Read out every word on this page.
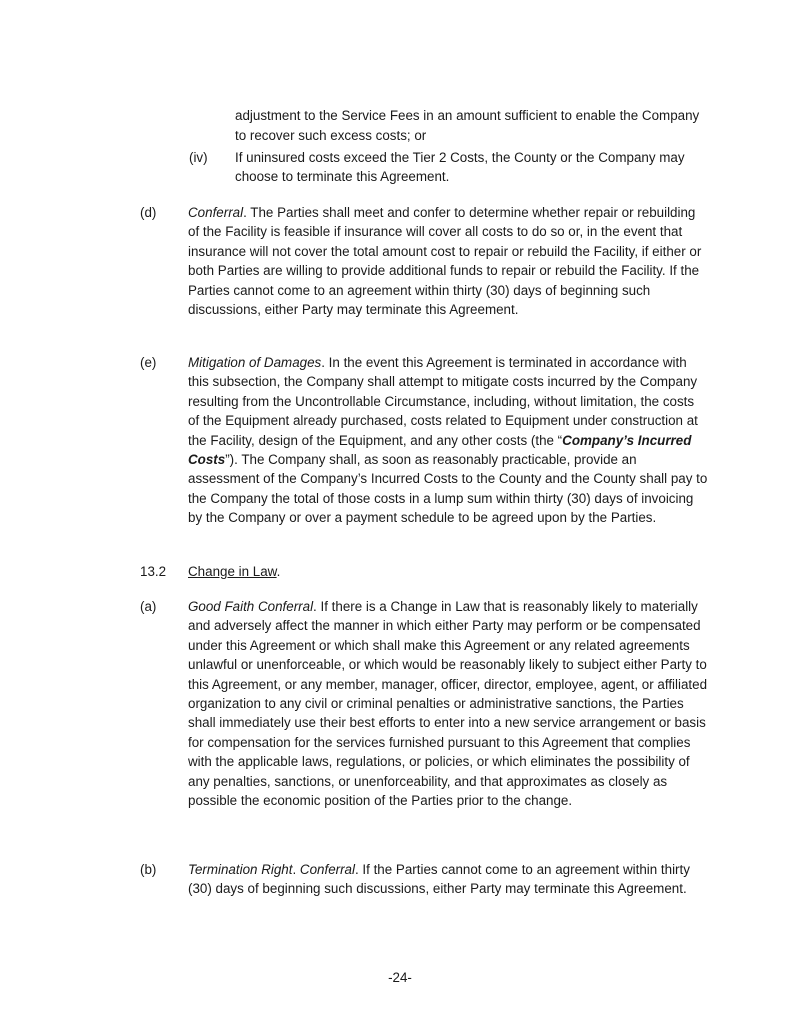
adjustment to the Service Fees in an amount sufficient to enable the Company to recover such excess costs; or

(iv) If uninsured costs exceed the Tier 2 Costs, the County or the Company may choose to terminate this Agreement.

(d) Conferral. The Parties shall meet and confer to determine whether repair or rebuilding of the Facility is feasible if insurance will cover all costs to do so or, in the event that insurance will not cover the total amount cost to repair or rebuild the Facility, if either or both Parties are willing to provide additional funds to repair or rebuild the Facility. If the Parties cannot come to an agreement within thirty (30) days of beginning such discussions, either Party may terminate this Agreement.

(e) Mitigation of Damages. In the event this Agreement is terminated in accordance with this subsection, the Company shall attempt to mitigate costs incurred by the Company resulting from the Uncontrollable Circumstance, including, without limitation, the costs of the Equipment already purchased, costs related to Equipment under construction at the Facility, design of the Equipment, and any other costs (the “Company’s Incurred Costs”). The Company shall, as soon as reasonably practicable, provide an assessment of the Company’s Incurred Costs to the County and the County shall pay to the Company the total of those costs in a lump sum within thirty (30) days of invoicing by the Company or over a payment schedule to be agreed upon by the Parties.

13.2 Change in Law.
(a) Good Faith Conferral. If there is a Change in Law that is reasonably likely to materially and adversely affect the manner in which either Party may perform or be compensated under this Agreement or which shall make this Agreement or any related agreements unlawful or unenforceable, or which would be reasonably likely to subject either Party to this Agreement, or any member, manager, officer, director, employee, agent, or affiliated organization to any civil or criminal penalties or administrative sanctions, the Parties shall immediately use their best efforts to enter into a new service arrangement or basis for compensation for the services furnished pursuant to this Agreement that complies with the applicable laws, regulations, or policies, or which eliminates the possibility of any penalties, sanctions, or unenforceability, and that approximates as closely as possible the economic position of the Parties prior to the change.

(b) Termination Right. Conferral. If the Parties cannot come to an agreement within thirty (30) days of beginning such discussions, either Party may terminate this Agreement.

-24-
